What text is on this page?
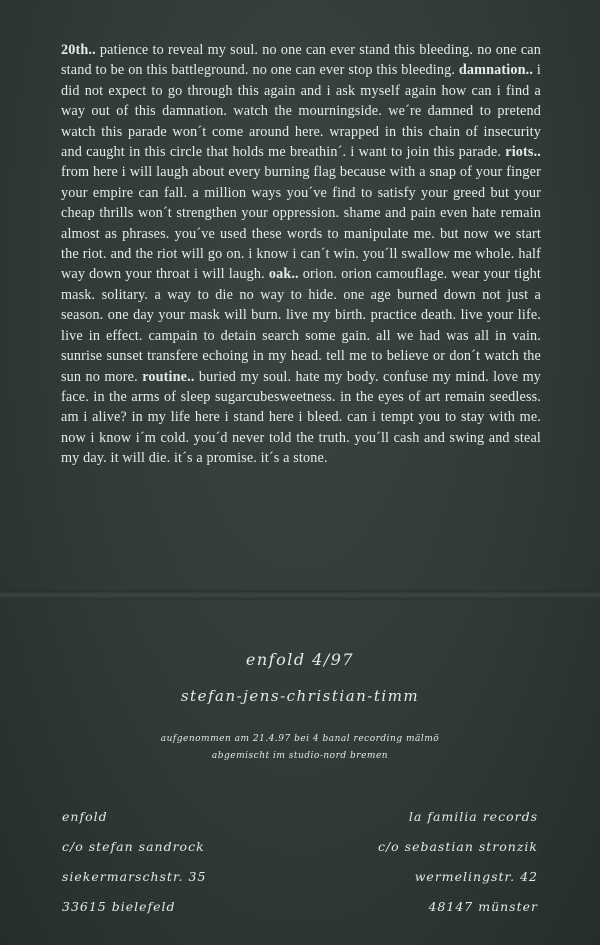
20th.. patience to reveal my soul. no one can ever stand this bleeding. no one can stand to be on this battleground. no one can ever stop this bleeding. damnation.. i did not expect to go through this again and i ask myself again how can i find a way out of this damnation. watch the mourningside. we´re damned to pretend watch this parade won´t come around here. wrapped in this chain of insecurity and caught in this circle that holds me breathin´. i want to join this parade. riots.. from here i will laugh about every burning flag because with a snap of your finger your empire can fall. a million ways you´ve find to satisfy your greed but your cheap thrills won´t strengthen your oppression. shame and pain even hate remain almost as phrases. you´ve used these words to manipulate me. but now we start the riot. and the riot will go on. i know i can´t win. you´ll swallow me whole. half way down your throat i will laugh. oak.. orion. orion camouflage. wear your tight mask. solitary. a way to die no way to hide. one age burned down not just a season. one day your mask will burn. live my birth. practice death. live your life. live in effect. campain to detain search some gain. all we had was all in vain. sunrise sunset transfere echoing in my head. tell me to believe or don´t watch the sun no more. routine.. buried my soul. hate my body. confuse my mind. love my face. in the arms of sleep sugarcubesweetness. in the eyes of art remain seedless. am i alive? in my life here i stand here i bleed. can i tempt you to stay with me. now i know i´m cold. you´d never told the truth. you´ll cash and swing and steal my day. it will die. it´s a promise. it´s a stone.

enfold 4/97
stefan-jens-christian-timm
aufgenommen am 21.4.97 bei 4 banal recording mälmö
abgemischt im studio-nord bremen
enfold
c/o stefan sandrock
siekermarschstr. 35
33615 bielefeld
la familia records
c/o sebastian stronzik
wermelingstr. 42
48147 münster
